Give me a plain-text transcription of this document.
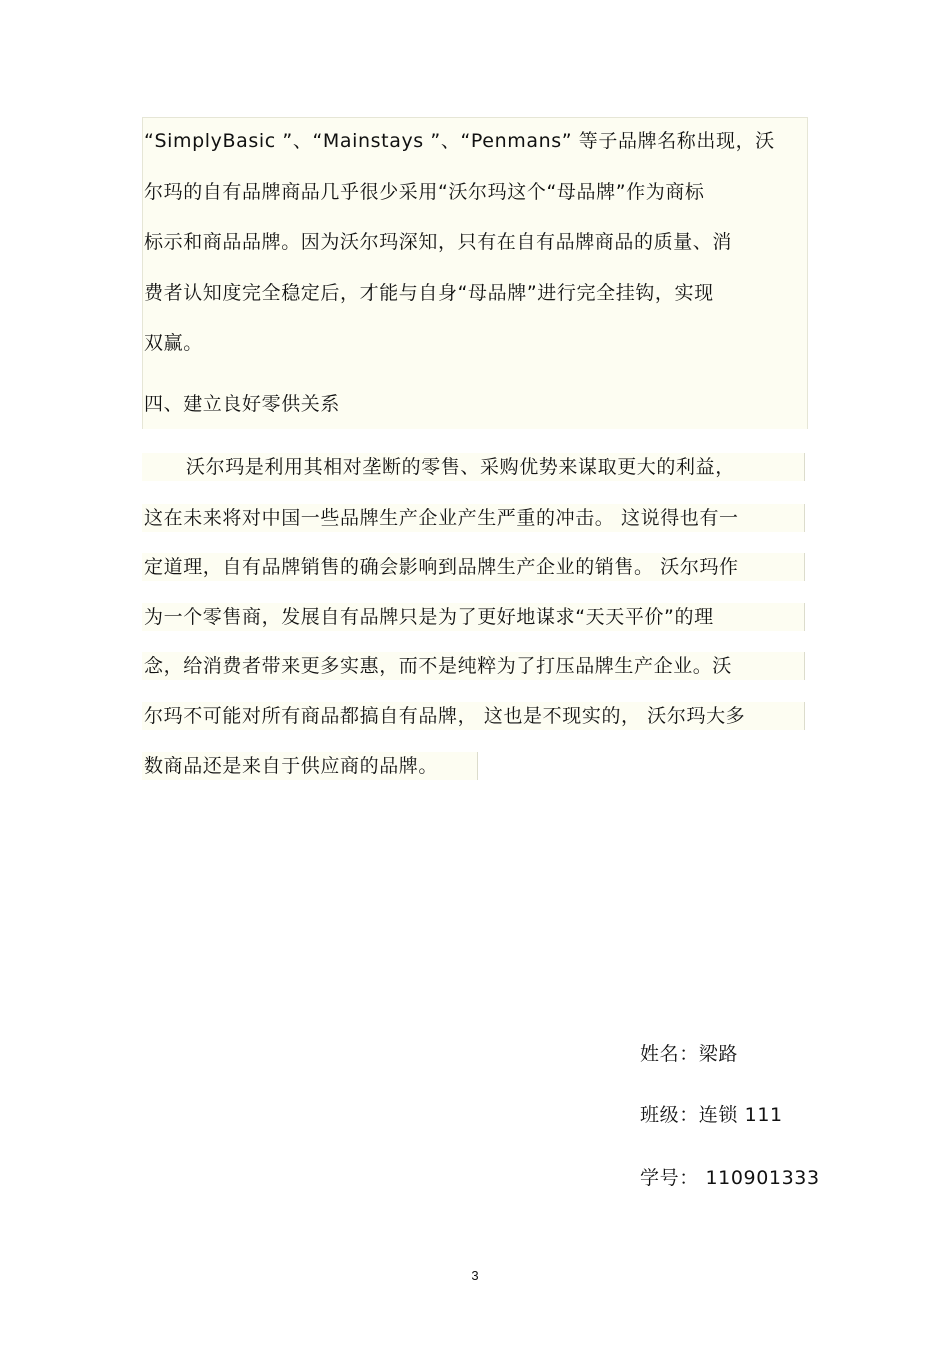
“SimplyBasic ”、“Mainstays ”、“Penmans” 等子品牌名称出现，沃
尔玛的自有品牌商品几乎很少采用“沃尔玛这个“母品牌”作为商标
标示和商品品牌。因为沃尔玛深知，只有在自有品牌商品的质量、消
费者认知度完全稳定后，才能与自身“母品牌”进行完全挂钩，实现
双赢。
四、建立良好零供关系
沃尔玛是利用其相对垄断的零售、采购优势来谋取更大的利益，
这在未来将对中国一些品牌生产企业产生严重的冲击。 这说得也有一
定道理，自有品牌销售的确会影响到品牌生产企业的销售。 沃尔玛作
为一个零售商，发展自有品牌只是为了更好地谋求“天天平价”的理
念，给消费者带来更多实惠，而不是纯粹为了打压品牌生产企业。沃
尔玛不可能对所有商品都搞自有品牌， 这也是不现实的， 沃尔玛大多
数商品还是来自于供应商的品牌。
姓名：梁路
班级：连锁 111
学号： 110901333
3
